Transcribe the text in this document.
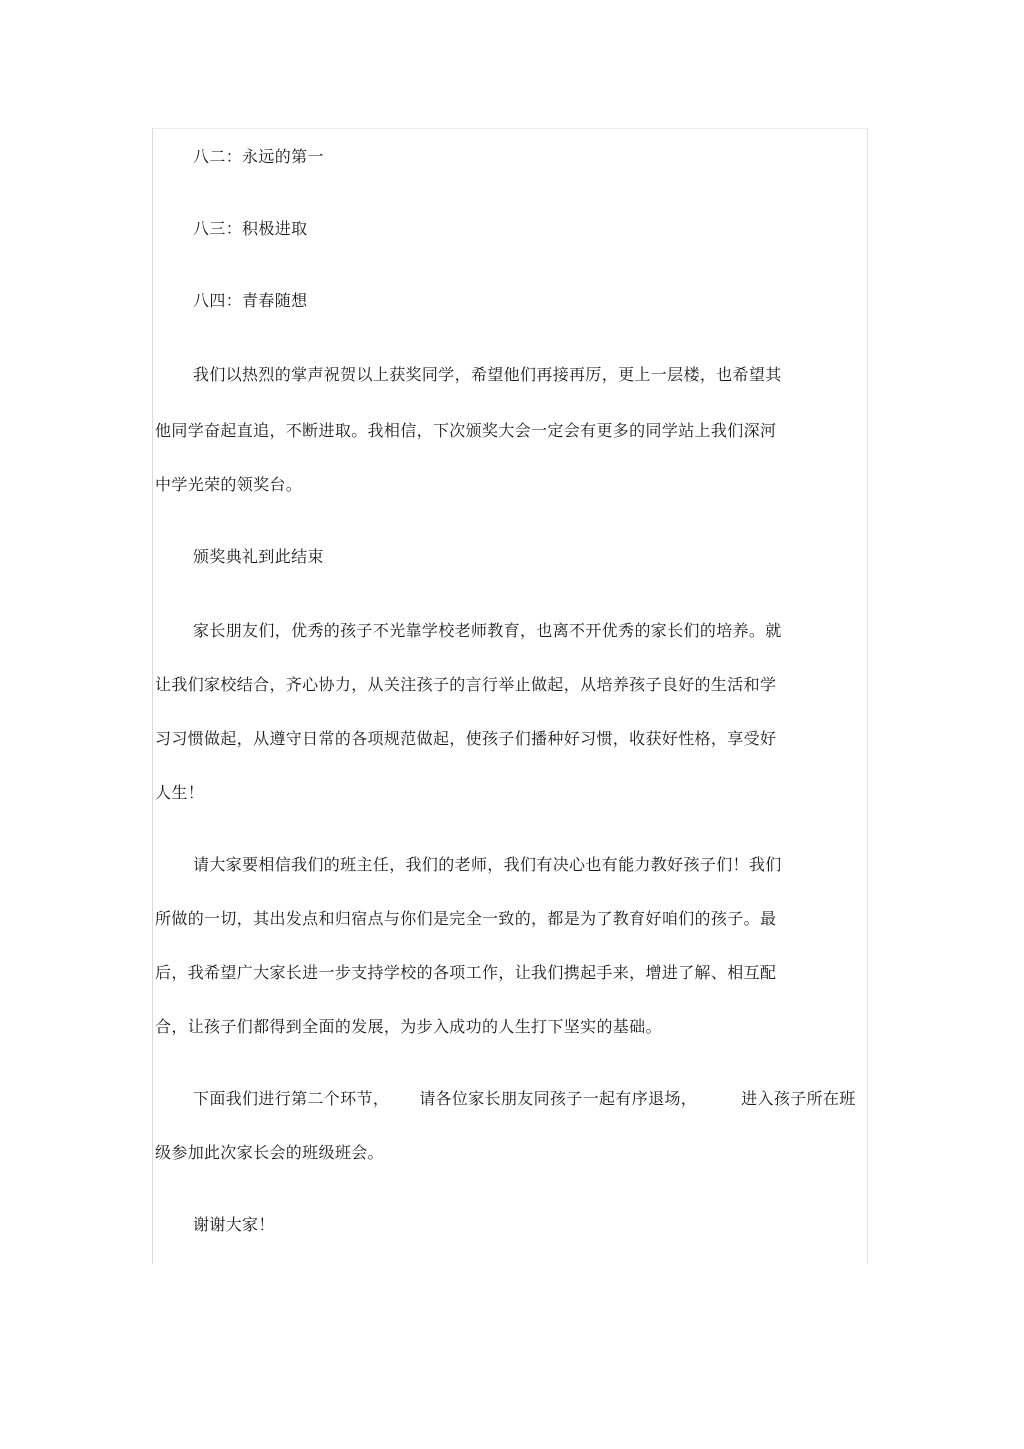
八二：永远的第一
八三：积极进取
八四：青春随想
我们以热烈的掌声祝贺以上获奖同学，希望他们再接再厉，更上一层楼，也希望其
他同学奋起直追，不断进取。我相信，下次颁奖大会一定会有更多的同学站上我们深河
中学光荣的领奖台。
颁奖典礼到此结束
家长朋友们，优秀的孩子不光靠学校老师教育，也离不开优秀的家长们的培养。就
让我们家校结合，齐心协力，从关注孩子的言行举止做起，从培养孩子良好的生活和学
习习惯做起，从遵守日常的各项规范做起，使孩子们播种好习惯，收获好性格，享受好
人生！
请大家要相信我们的班主任，我们的老师，我们有决心也有能力教好孩子们！我们
所做的一切，其出发点和归宿点与你们是完全一致的，都是为了教育好咱们的孩子。最
后，我希望广大家长进一步支持学校的各项工作，让我们携起手来，增进了解、相互配
合，让孩子们都得到全面的发展，为步入成功的人生打下坚实的基础。
下面我们进行第二个环节， 请各位家长朋友同孩子一起有序退场，	进入孩子所在班
级参加此次家长会的班级班会。
谢谢大家！
